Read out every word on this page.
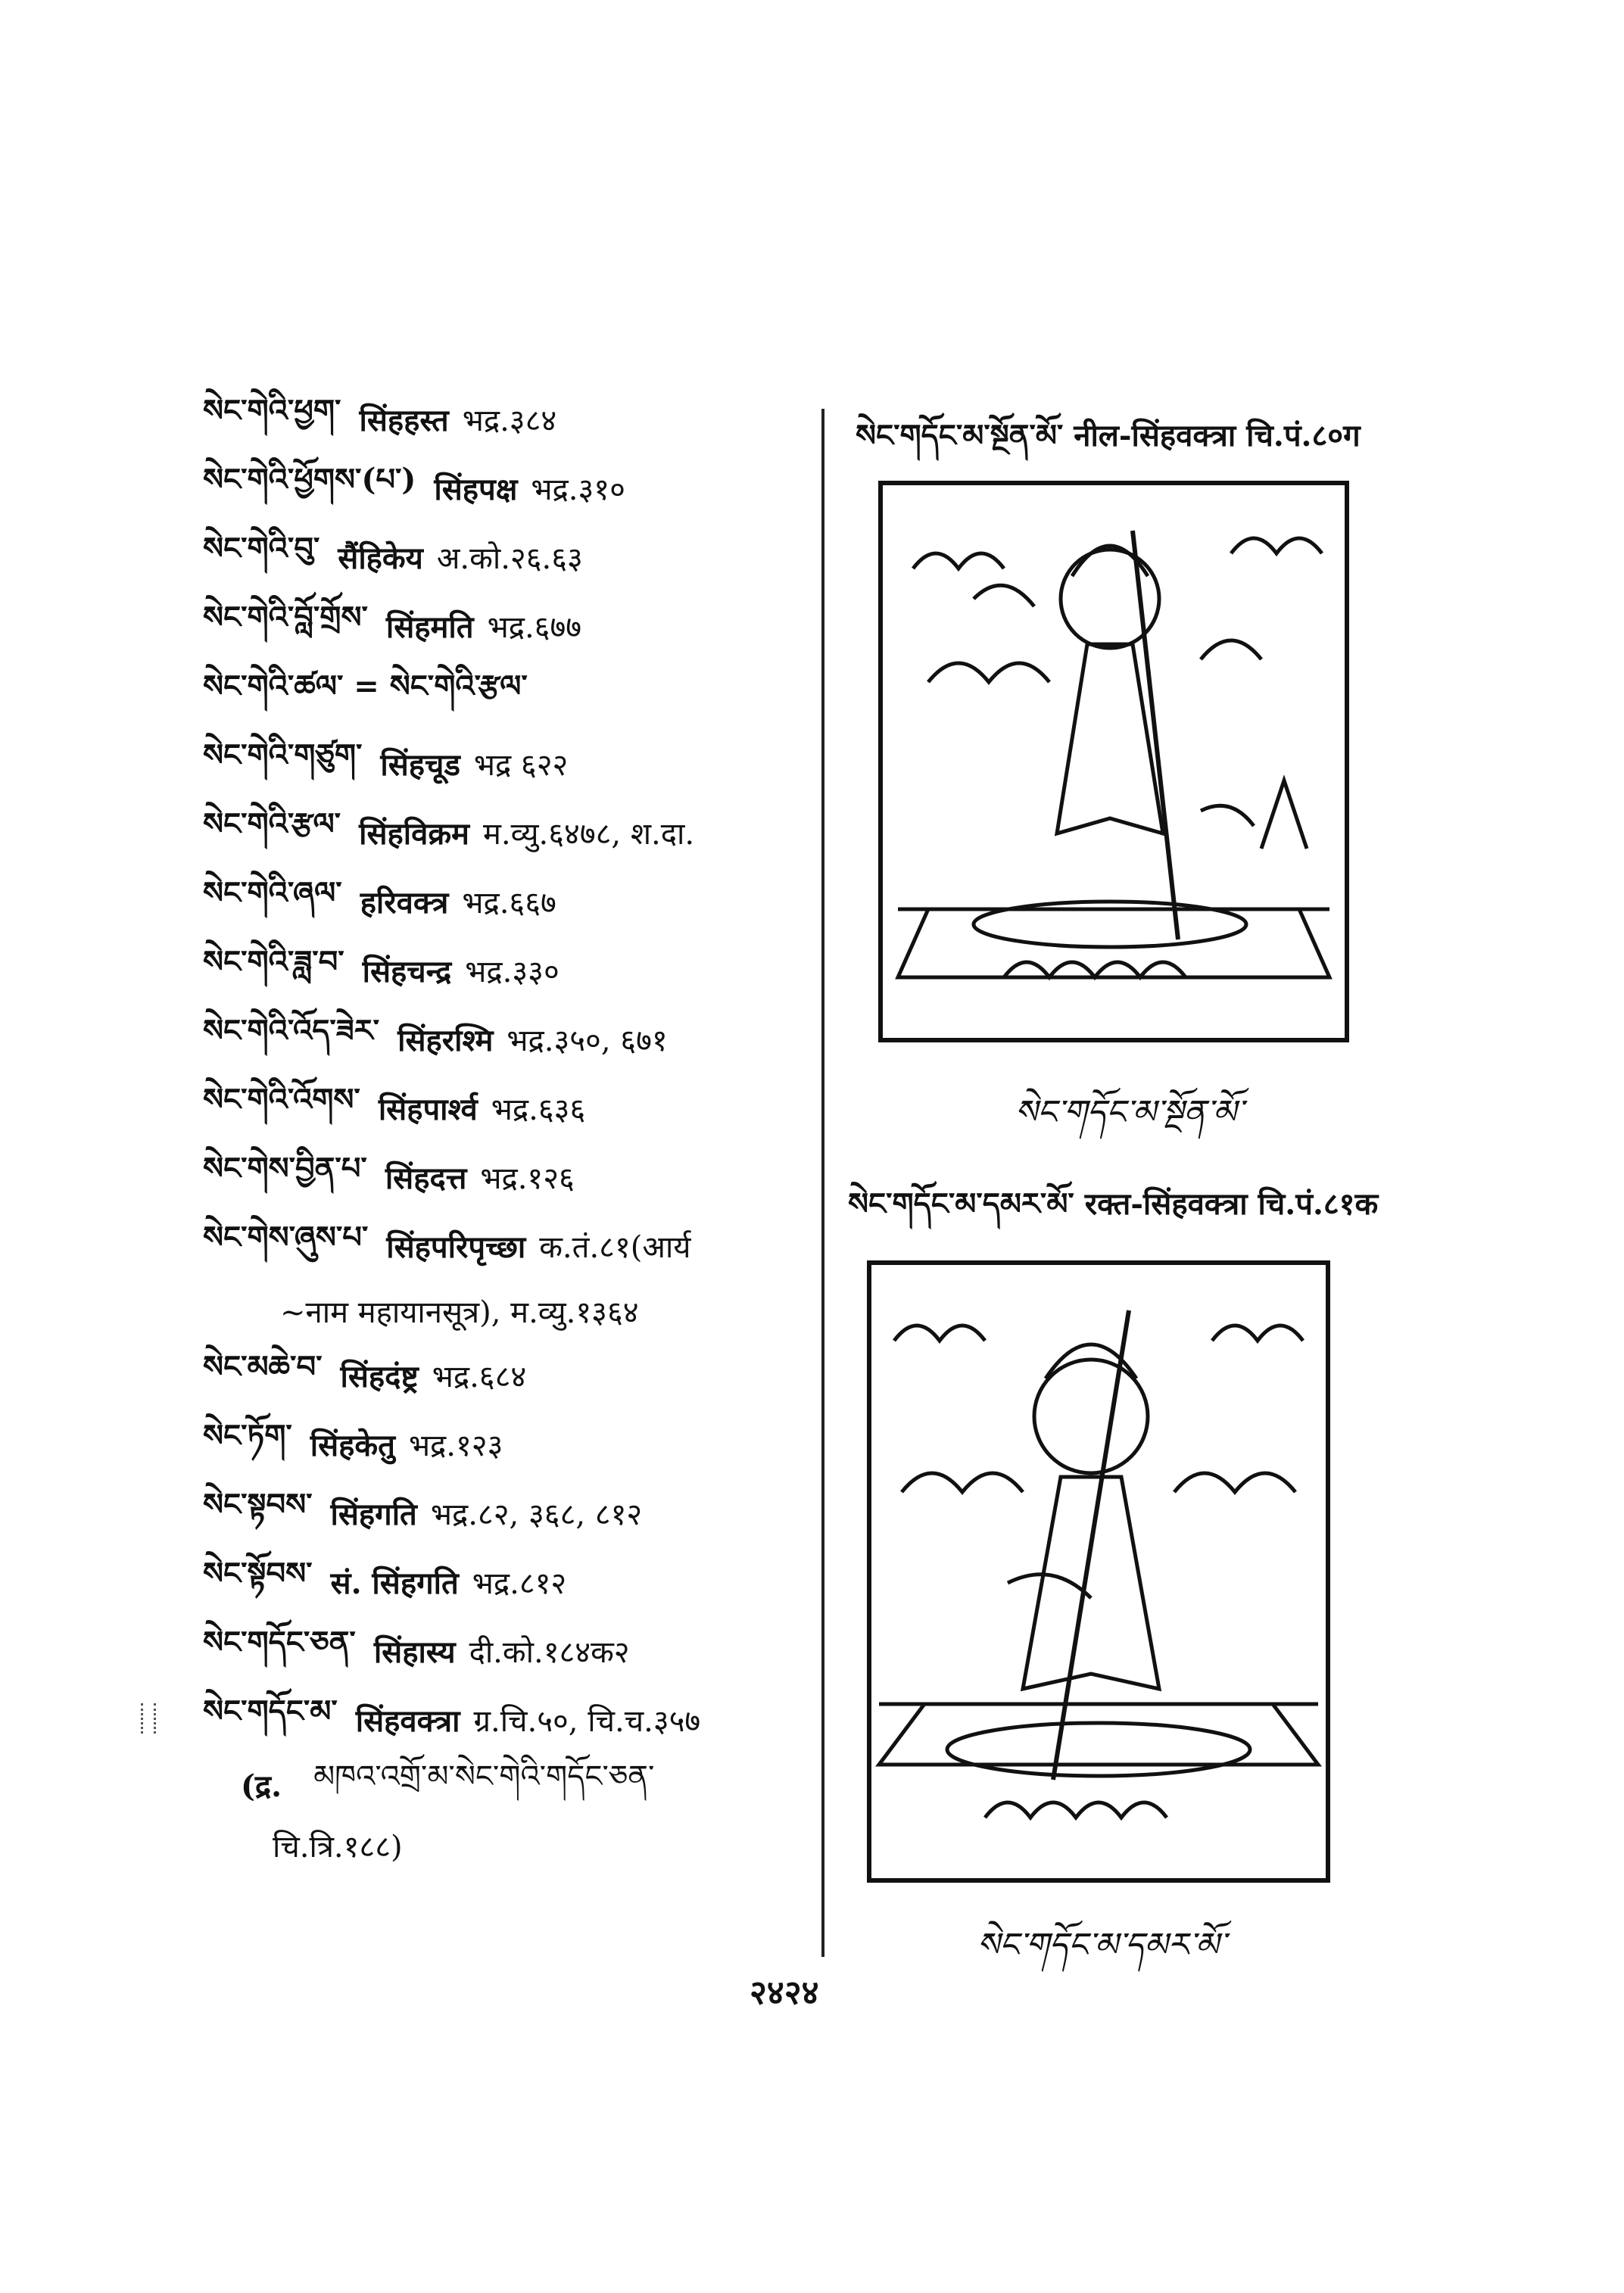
སེང་གེའི་ཕྱག་ सिंहहस्त भद्र.३८४
སེང་གེའི་ཕྱོགས་(པ་) सिंहपक्ष भद्र.३१०
སེང་གེའི་བུ་ सैंहिकेय अ.को.२६.६३
སེང་གེའི་བློ་གྲོས་ सिंहमति भद्र.६७७
སེང་གེའི་ཚལ་ = སེང་གེའི་རྩལ་
སེང་གེའི་གཙུག་ सिंहचूड भद्र ६२२
སེང་གེའི་རྩལ་ सिंहविक्रम म.व्यु.६४७८, श.दा.
སེང་གེའི་ཞལ་ हरिवक्त्र भद्र.६६७
སེང་གེའི་ཟླ་བ་ सिंहचन्द्र भद्र.३३०
སེང་གེའི་འོད་ཟེར་ सिंहरश्मि भद्र.३५०, ६७१
སེང་གེའི་འོགས་ सिंहपार्श्व भद्र.६३६
སེང་གེས་བྱིན་པ་ सिंहदत्त भद्र.१२६
སེང་གེས་ཞུས་པ་ सिंहपरिपृच्छा क.तं.८१(आर्य
~नाम महायानसूत्र), म.व्यु.१३६४
སེང་མཆེ་བ་ सिंहदंष्ट्र भद्र.६८४
སེང་ཏོག་ सिंहकेतु भद्र.१२३
སེང་སྟབས་ सिंहगति भद्र.८२, ३६८, ८१२
སེང་སྟོབས་ सं. सिंहगति भद्र.८१२
སེང་གདོང་ཅན་ सिंहास्य दी.को.१८४क२
སེང་གདོང་མ་ सिंहवक्त्रा ग्र.चि.५०, चि.च.३५७
(द्र. མཁའ་འགྲོ་མ་སེང་གེའི་གདོང་ཅན་
चि.त्रि.१८८)
སེང་གདོང་མ་སྔོན་མོ་ नील-सिंहवक्त्रा चि.पं.८०ग
སེང་གདོང་མ་སྔོན་མོ་
སེང་གདོང་མ་དམར་མོ་ रक्त-सिंहवक्त्रा चि.पं.८१क
སེང་གདོང་མ་དམར་མོ་
२४२४
